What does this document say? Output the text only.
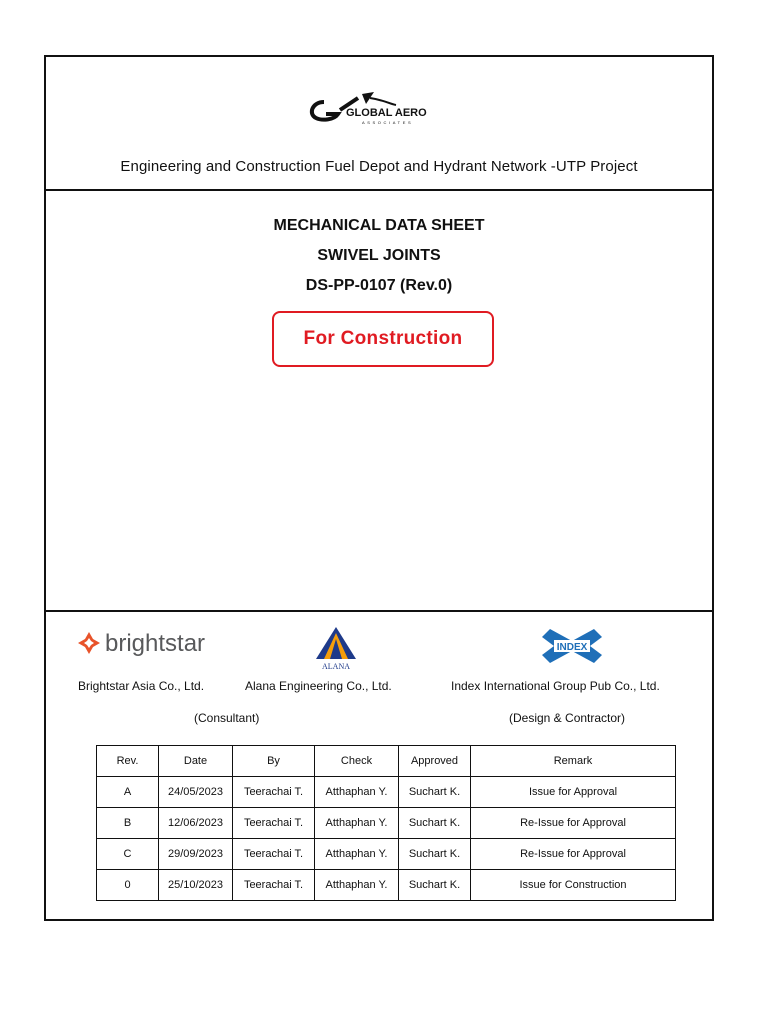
GLOBAL AERO
ASSOCIATES
Engineering and Construction Fuel Depot and Hydrant Network -UTP Project
MECHANICAL DATA SHEET
SWIVEL JOINTS
DS-PP-0107 (Rev.0)
For Construction
brightstar
ALANA
INDEX
Brightstar Asia Co., Ltd.	Alana Engineering Co., Ltd.	Index International Group Pub Co., Ltd.
(Consultant)	(Design & Contractor)
Rev.	Date	By	Check	Approved	Remark
A	24/05/2023	Teerachai T.	Atthaphan Y.	Suchart K.	Issue for Approval
B	12/06/2023	Teerachai T.	Atthaphan Y.	Suchart K.	Re-Issue for Approval
C	29/09/2023	Teerachai T.	Atthaphan Y.	Suchart K.	Re-Issue for Approval
0	25/10/2023	Teerachai T.	Atthaphan Y.	Suchart K.	Issue for Construction
